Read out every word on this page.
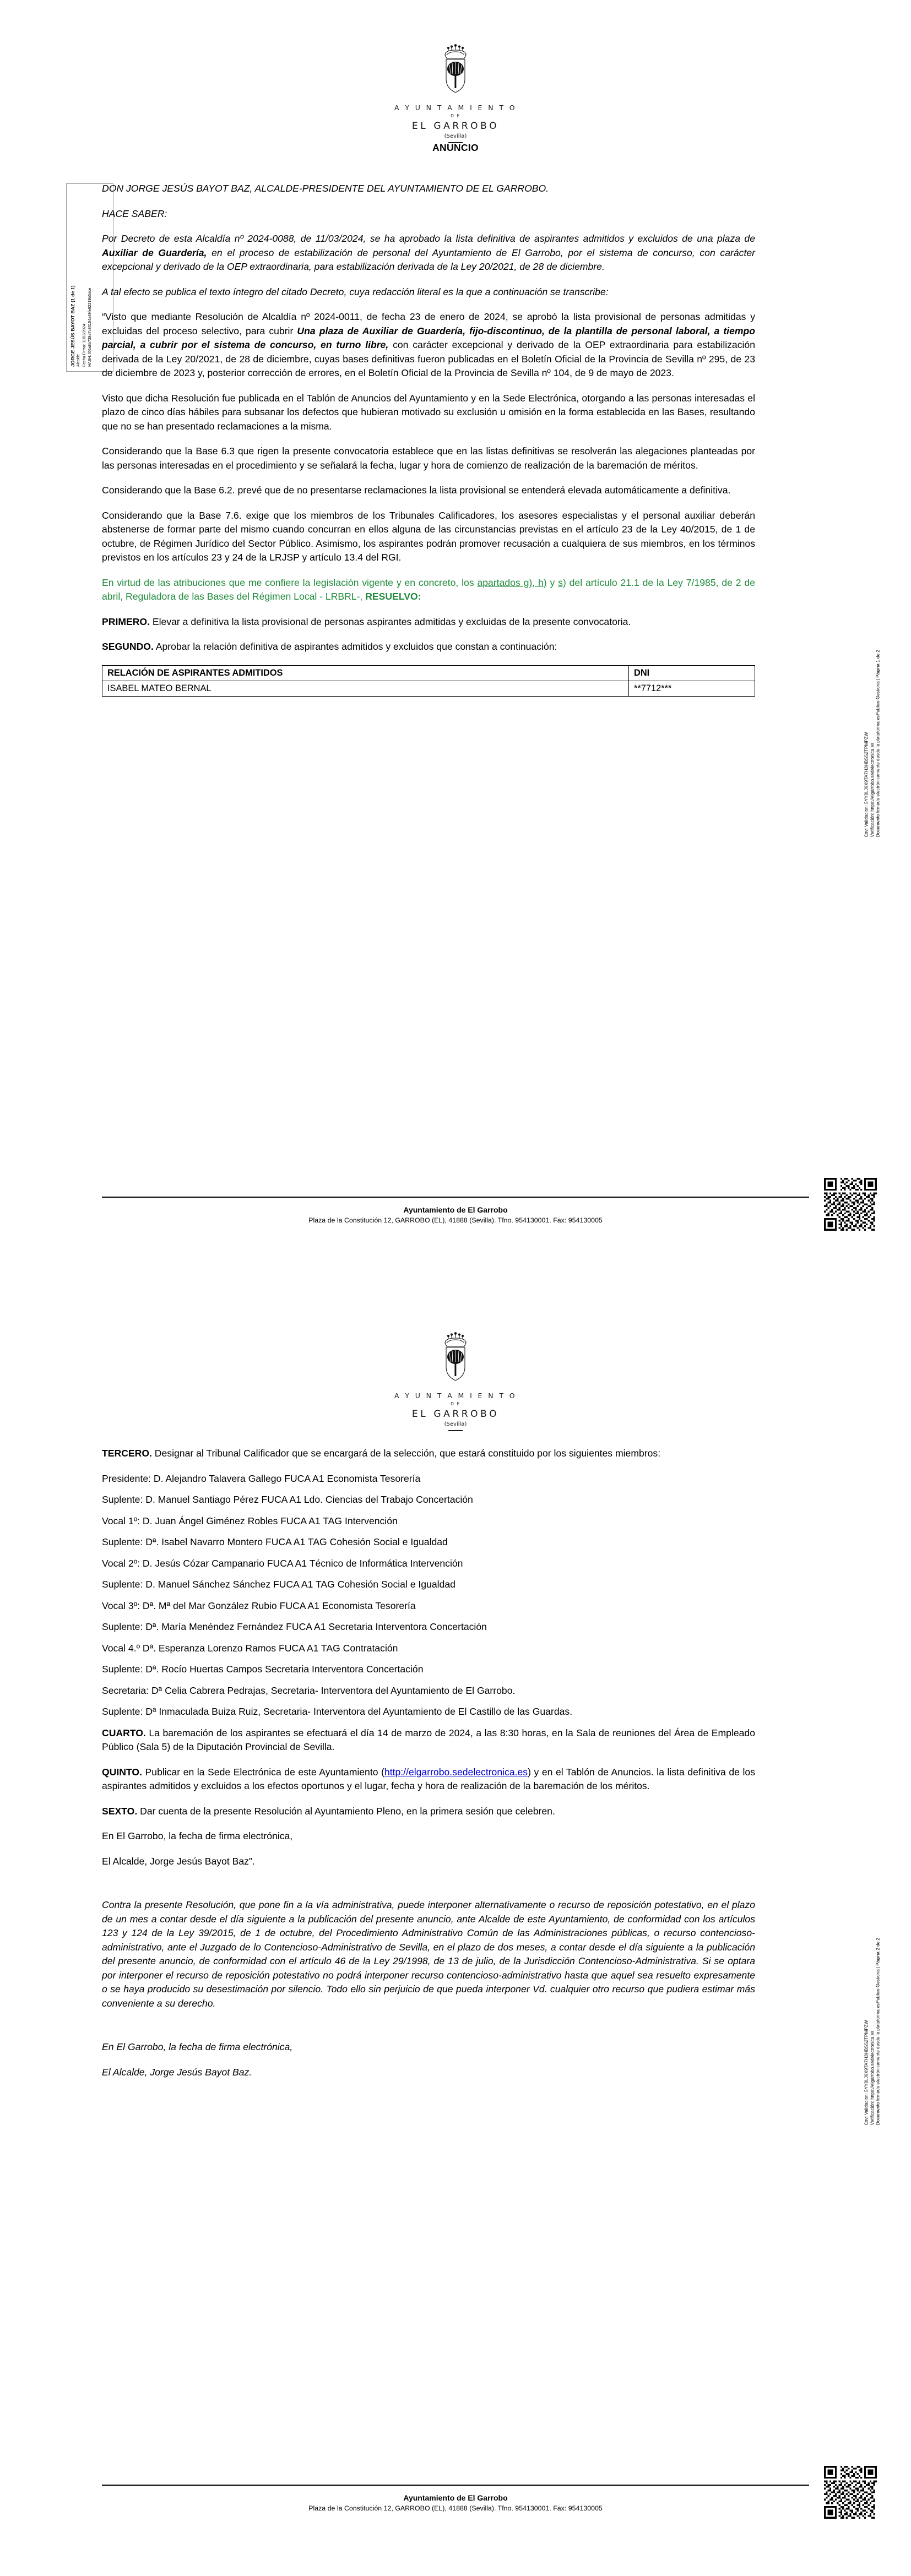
A Y U N T A M I E N T O
D E
EL GARROBO
(Sevilla)
ANUNCIO
JORGE JESÚS BAYOT BAZ (1 de 1) Alcalde Fecha Firma: 11/03/2024 HASH: f06a8b738a7c80154a49fe92219b5dce
Csv: Validacion: 5YY8LJ9X9TA7H3HBSS2TPMPZW Verificación: https://elgarrobo.sedelectronica.es Documento firmado electrónicamente desde la plataforma esPublico Gestiona | Página 1 de 2

DON JORGE JESÚS BAYOT BAZ, ALCALDE-PRESIDENTE DEL AYUNTAMIENTO DE EL GARROBO.

HACE SABER:

Por Decreto de esta Alcaldía nº 2024-0088, de 11/03/2024, se ha aprobado la lista definitiva de aspirantes admitidos y excluidos de una plaza de Auxiliar de Guardería, en el proceso de estabilización de personal del Ayuntamiento de El Garrobo, por el sistema de concurso, con carácter excepcional y derivado de la OEP extraordinaria, para estabilización derivada de la Ley 20/2021, de 28 de diciembre.

A tal efecto se publica el texto íntegro del citado Decreto, cuya redacción literal es la que a continuación se transcribe:

“Visto que mediante Resolución de Alcaldía nº 2024-0011, de fecha 23 de enero de 2024, se aprobó la lista provisional de personas admitidas y excluidas del proceso selectivo, para cubrir Una plaza de Auxiliar de Guardería, fijo-discontinuo, de la plantilla de personal laboral, a tiempo parcial, a cubrir por el sistema de concurso, en turno libre, con carácter excepcional y derivado de la OEP extraordinaria para estabilización derivada de la Ley 20/2021, de 28 de diciembre, cuyas bases definitivas fueron publicadas en el Boletín Oficial de la Provincia de Sevilla nº 295, de 23 de diciembre de 2023 y, posterior corrección de errores, en el Boletín Oficial de la Provincia de Sevilla nº 104, de 9 de mayo de 2023.

Visto que dicha Resolución fue publicada en el Tablón de Anuncios del Ayuntamiento y en la Sede Electrónica, otorgando a las personas interesadas el plazo de cinco días hábiles para subsanar los defectos que hubieran motivado su exclusión u omisión en la forma establecida en las Bases, resultando que no se han presentado reclamaciones a la misma.

Considerando que la Base 6.3 que rigen la presente convocatoria establece que en las listas definitivas se resolverán las alegaciones planteadas por las personas interesadas en el procedimiento y se señalará la fecha, lugar y hora de comienzo de realización de la baremación de méritos.

Considerando que la Base 6.2. prevé que de no presentarse reclamaciones la lista provisional se entenderá elevada automáticamente a definitiva.

Considerando que la Base 7.6. exige que los miembros de los Tribunales Calificadores, los asesores especialistas y el personal auxiliar deberán abstenerse de formar parte del mismo cuando concurran en ellos alguna de las circunstancias previstas en el artículo 23 de la Ley 40/2015, de 1 de octubre, de Régimen Jurídico del Sector Público. Asimismo, los aspirantes podrán promover recusación a cualquiera de sus miembros, en los términos previstos en los artículos 23 y 24 de la LRJSP y artículo 13.4 del RGI.

En virtud de las atribuciones que me confiere la legislación vigente y en concreto, los apartados g), h) y s) del artículo 21.1 de la Ley 7/1985, de 2 de abril, Reguladora de las Bases del Régimen Local - LRBRL-, RESUELVO:

PRIMERO. Elevar a definitiva la lista provisional de personas aspirantes admitidas y excluidas de la presente convocatoria.

SEGUNDO. Aprobar la relación definitiva de aspirantes admitidos y excluidos que constan a continuación:

RELACIÓN DE ASPIRANTES ADMITIDOS	DNI
ISABEL MATEO BERNAL	**7712***
Ayuntamiento de El Garrobo
Plaza de la Constitución 12, GARROBO (EL), 41888 (Sevilla). Tfno. 954130001. Fax: 954130005
A Y U N T A M I E N T O
D E
EL GARROBO
(Sevilla)
Csv: Validacion: 5YY8LJ9X9TA7H3HBSS2TPMPZW Verificación: https://elgarrobo.sedelectronica.es Documento firmado electrónicamente desde la plataforma esPublico Gestiona | Página 2 de 2

TERCERO. Designar al Tribunal Calificador que se encargará de la selección, que estará constituido por los siguientes miembros:

Presidente: D. Alejandro Talavera Gallego FUCA A1 Economista Tesorería

Suplente: D. Manuel Santiago Pérez FUCA A1 Ldo. Ciencias del Trabajo Concertación

Vocal 1º: D. Juan Ángel Giménez Robles FUCA A1 TAG Intervención

Suplente: Dª. Isabel Navarro Montero FUCA A1 TAG Cohesión Social e Igualdad

Vocal 2º: D. Jesús Cózar Campanario FUCA A1 Técnico de Informática Intervención

Suplente: D. Manuel Sánchez Sánchez FUCA A1 TAG Cohesión Social e Igualdad

Vocal 3º: Dª. Mª del Mar González Rubio FUCA A1 Economista Tesorería

Suplente: Dª. María Menéndez Fernández FUCA A1 Secretaria Interventora Concertación

Vocal 4.º Dª. Esperanza Lorenzo Ramos FUCA A1 TAG Contratación

Suplente: Dª. Rocío Huertas Campos Secretaria Interventora Concertación

Secretaria: Dª Celia Cabrera Pedrajas, Secretaria- Interventora del Ayuntamiento de El Garrobo.

Suplente: Dª Inmaculada Buiza Ruiz, Secretaria- Interventora del Ayuntamiento de El Castillo de las Guardas.

CUARTO. La baremación de los aspirantes se efectuará el día 14 de marzo de 2024, a las 8:30 horas, en la Sala de reuniones del Área de Empleado Público (Sala 5) de la Diputación Provincial de Sevilla.

QUINTO. Publicar en la Sede Electrónica de este Ayuntamiento (http://elgarrobo.sedelectronica.es) y en el Tablón de Anuncios. la lista definitiva de los aspirantes admitidos y excluidos a los efectos oportunos y el lugar, fecha y hora de realización de la baremación de los méritos.

SEXTO. Dar cuenta de la presente Resolución al Ayuntamiento Pleno, en la primera sesión que celebren.

En El Garrobo, la fecha de firma electrónica,

El Alcalde, Jorge Jesús Bayot Baz”.

Contra la presente Resolución, que pone fin a la vía administrativa, puede interponer alternativamente o recurso de reposición potestativo, en el plazo de un mes a contar desde el día siguiente a la publicación del presente anuncio, ante Alcalde de este Ayuntamiento, de conformidad con los artículos 123 y 124 de la Ley 39/2015, de 1 de octubre, del Procedimiento Administrativo Común de las Administraciones públicas, o recurso contencioso-administrativo, ante el Juzgado de lo Contencioso-Administrativo de Sevilla, en el plazo de dos meses, a contar desde el día siguiente a la publicación del presente anuncio, de conformidad con el artículo 46 de la Ley 29/1998, de 13 de julio, de la Jurisdicción Contencioso-Administrativa. Si se optara por interponer el recurso de reposición potestativo no podrá interponer recurso contencioso-administrativo hasta que aquel sea resuelto expresamente o se haya producido su desestimación por silencio. Todo ello sin perjuicio de que pueda interponer Vd. cualquier otro recurso que pudiera estimar más conveniente a su derecho.

En El Garrobo, la fecha de firma electrónica,

El Alcalde, Jorge Jesús Bayot Baz.

Ayuntamiento de El Garrobo
Plaza de la Constitución 12, GARROBO (EL), 41888 (Sevilla). Tfno. 954130001. Fax: 954130005
